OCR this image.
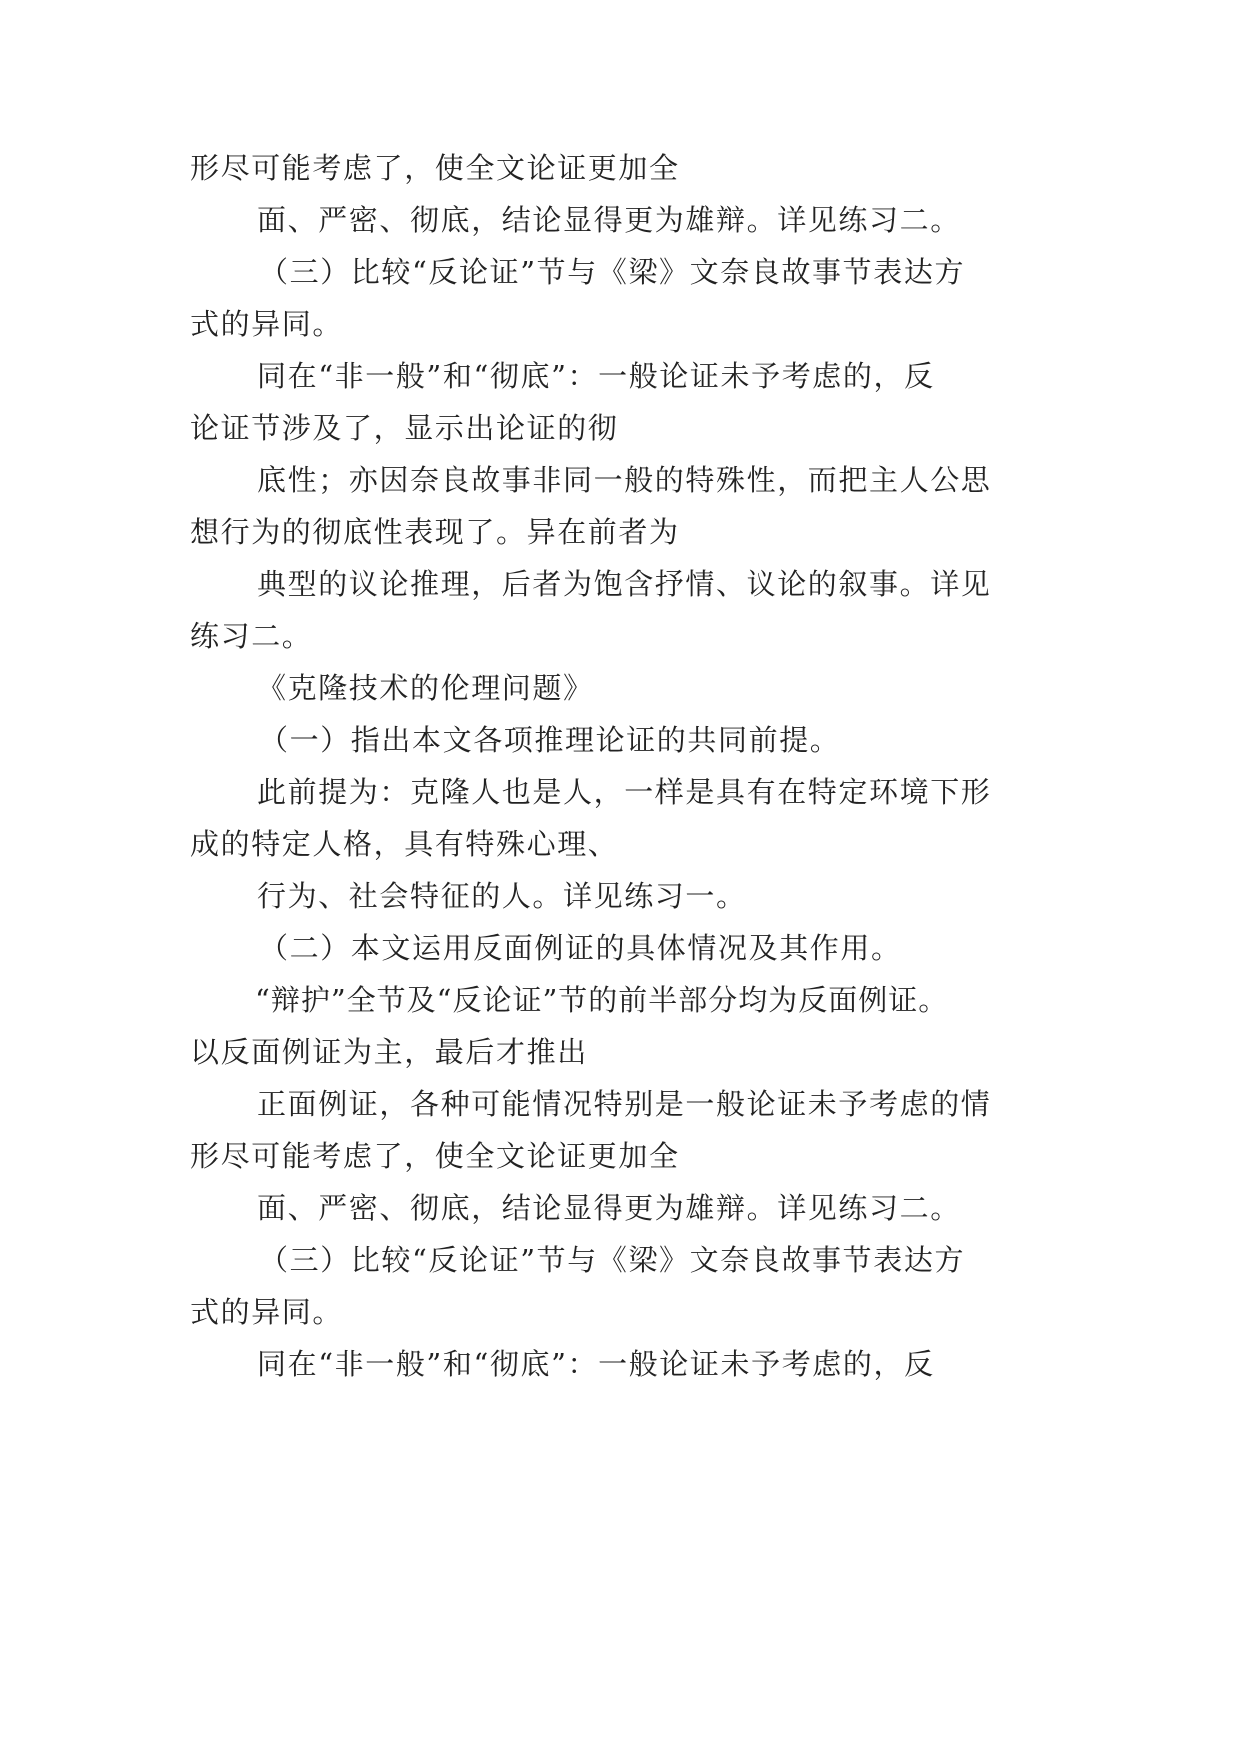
形尽可能考虑了，使全文论证更加全
面、严密、彻底，结论显得更为雄辩。详见练习二。
（三）比较“反论证”节与《梁》文奈良故事节表达方
式的异同。
同在“非一般”和“彻底”：一般论证未予考虑的，反
论证节涉及了，显示出论证的彻
底性；亦因奈良故事非同一般的特殊性，而把主人公思
想行为的彻底性表现了。异在前者为
典型的议论推理，后者为饱含抒情、议论的叙事。详见
练习二。
《克隆技术的伦理问题》
（一）指出本文各项推理论证的共同前提。
此前提为：克隆人也是人，一样是具有在特定环境下形
成的特定人格，具有特殊心理、
行为、社会特征的人。详见练习一。
（二）本文运用反面例证的具体情况及其作用。
“辩护”全节及“反论证”节的前半部分均为反面例证。
以反面例证为主，最后才推出
正面例证，各种可能情况特别是一般论证未予考虑的情
形尽可能考虑了，使全文论证更加全
面、严密、彻底，结论显得更为雄辩。详见练习二。
（三）比较“反论证”节与《梁》文奈良故事节表达方
式的异同。
同在“非一般”和“彻底”：一般论证未予考虑的，反
